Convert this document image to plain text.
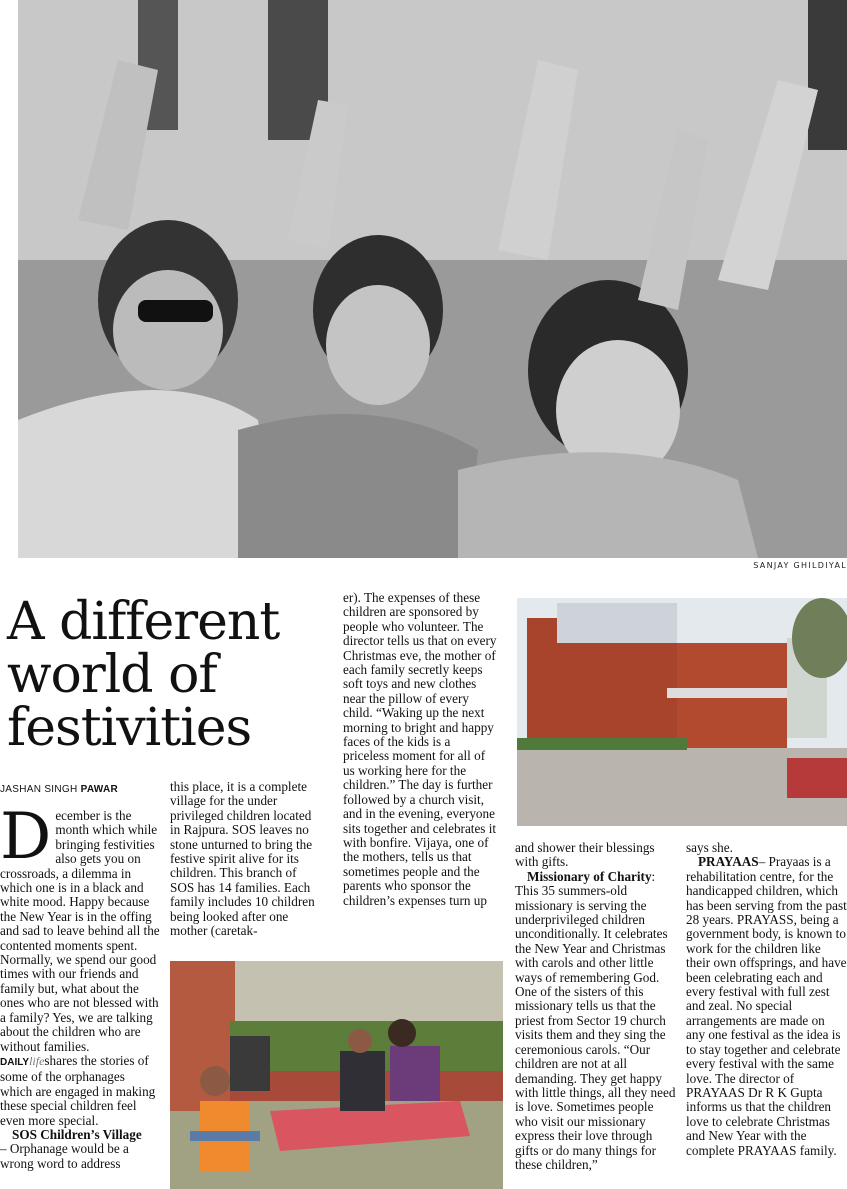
SANJAY GHILDIYAL
A different
world of
festivities
JASHAN SINGH PAWAR

December is the month which while bringing festivities also gets you on crossroads, a dilemma in which one is in a black and white mood. Happy because the New Year is in the offing and sad to leave behind all the contented moments spent. Normally, we spend our good times with our friends and family but, what about the ones who are not blessed with a family? Yes, we are talking about the children who are without families.

DAILYlifeshares the stories of some of the orphanages which are engaged in making these special children feel even more special.

SOS Children’s Village
– Orphanage would be a wrong word to address

this place, it is a complete village for the under privileged children located in Rajpura. SOS leaves no stone unturned to bring the festive spirit alive for its children. This branch of SOS has 14 families. Each family includes 10 children being looked after one mother (caretak-

er). The expenses of these children are sponsored by people who volunteer. The director tells us that on every Christmas eve, the mother of each family secretly keeps soft toys and new clothes near the pillow of every child. “Waking up the next morning to bright and happy faces of the kids is a priceless moment for all of us working here for the children.” The day is further followed by a church visit, and in the evening, everyone sits together and celebrates it with bonfire. Vijaya, one of the mothers, tells us that sometimes people and the parents who sponsor the children’s expenses turn up

and shower their blessings with gifts.

Missionary of Charity: This 35 summers-old missionary is serving the underprivileged children unconditionally. It celebrates the New Year and Christmas with carols and other little ways of remembering God. One of the sisters of this missionary tells us that the priest from Sector 19 church visits them and they sing the ceremonious carols. “Our children are not at all demanding. They get happy with little things, all they need is love. Sometimes people who visit our missionary express their love through gifts or do many things for these children,”

says she.

PRAYAAS– Prayaas is a rehabilitation centre, for the handicapped children, which has been serving from the past 28 years. PRAYASS, being a government body, is known to work for the children like their own offsprings, and have been celebrating each and every festival with full zest and zeal. No special arrangements are made on any one festival as the idea is to stay together and celebrate every festival with the same love. The director of PRAYAAS Dr R K Gupta informs us that the children love to celebrate Christmas and New Year with the complete PRAYAAS family.
